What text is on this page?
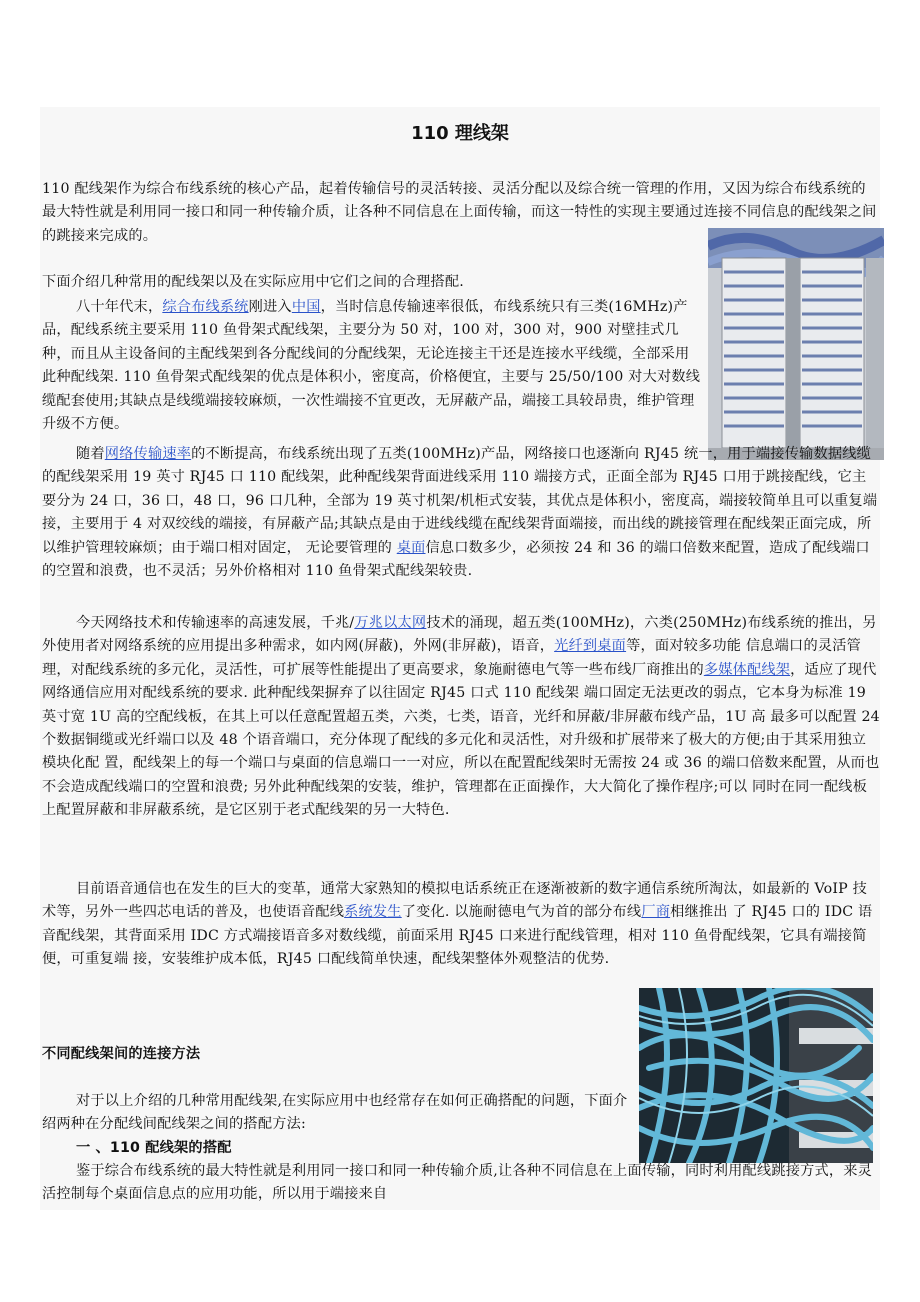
110 理线架

110 配线架作为综合布线系统的核心产品，起着传输信号的灵活转接、灵活分配以及综合统一管理的作用，又因为综合布线系统的最大特性就是利用同一接口和同一种传输介质，让各种不同信息在上面传输，而这一特性的实现主要通过连接不同信息的配线架之间的跳接来完成的。

下面介绍几种常用的配线架以及在实际应用中它们之间的合理搭配.

八十年代末，综合布线系统刚进入中国，当时信息传输速率很低，布线系统只有三类(16MHz)产品，配线系统主要采用 110 鱼骨架式配线架，主要分为 50 对，100 对，300 对，900 对壁挂式几种，而且从主设备间的主配线架到各分配线间的分配线架，无论连接主干还是连接水平线缆，全部采用此种配线架. 110 鱼骨架式配线架的优点是体积小，密度高，价格便宜，主要与 25/50/100 对大对数线缆配套使用;其缺点是线缆端接较麻烦，一次性端接不宜更改，无屏蔽产品，端接工具较昂贵，维护管理升级不方便。

随着网络传输速率的不断提高，布线系统出现了五类(100MHz)产品，网络接口也逐渐向 RJ45 统一，用于端接传输数据线缆的配线架采用 19 英寸 RJ45 口 110 配线架，此种配线架背面进线采用 110 端接方式，正面全部为 RJ45 口用于跳接配线，它主要分为 24 口，36 口，48 口，96 口几种，全部为 19 英寸机架/机柜式安装，其优点是体积小，密度高，端接较简单且可以重复端接，主要用于 4 对双绞线的端接，有屏蔽产品;其缺点是由于进线线缆在配线架背面端接，而出线的跳接管理在配线架正面完成，所以维护管理较麻烦；由于端口相对固定， 无论要管理的 桌面信息口数多少，必须按 24 和 36 的端口倍数来配置，造成了配线端口的空置和浪费，也不灵活；另外价格相对 110 鱼骨架式配线架较贵.

今天网络技术和传输速率的高速发展，千兆/万兆以太网技术的涌现，超五类(100MHz)，六类(250MHz)布线系统的推出，另外使用者对网络系统的应用提出多种需求，如内网(屏蔽)，外网(非屏蔽)，语音，光纤到桌面等，面对较多功能 信息端口的灵活管理，对配线系统的多元化，灵活性，可扩展等性能提出了更高要求，象施耐德电气等一些布线厂商推出的多媒体配线架，适应了现代网络通信应用对配线系统的要求. 此种配线架摒弃了以往固定 RJ45 口式 110 配线架 端口固定无法更改的弱点，它本身为标准 19 英寸宽 1U 高的空配线板，在其上可以任意配置超五类，六类，七类，语音，光纤和屏蔽/非屏蔽布线产品，1U 高 最多可以配置 24 个数据铜缆或光纤端口以及 48 个语音端口，充分体现了配线的多元化和灵活性，对升级和扩展带来了极大的方便;由于其采用独立模块化配 置，配线架上的每一个端口与桌面的信息端口一一对应，所以在配置配线架时无需按 24 或 36 的端口倍数来配置，从而也不会造成配线端口的空置和浪费; 另外此种配线架的安装，维护，管理都在正面操作，大大简化了操作程序;可以 同时在同一配线板上配置屏蔽和非屏蔽系统，是它区别于老式配线架的另一大特色.

目前语音通信也在发生的巨大的变革，通常大家熟知的模拟电话系统正在逐渐被新的数字通信系统所淘汰，如最新的 VoIP 技术等，另外一些四芯电话的普及，也使语音配线系统发生了变化. 以施耐德电气为首的部分布线厂商相继推出 了 RJ45 口的 IDC 语音配线架，其背面采用 IDC 方式端接语音多对数线缆，前面采用 RJ45 口来进行配线管理，相对 110 鱼骨配线架，它具有端接简便，可重复端 接，安装维护成本低，RJ45 口配线简单快速，配线架整体外观整洁的优势.

不同配线架间的连接方法

对于以上介绍的几种常用配线架,在实际应用中也经常存在如何正确搭配的问题，下面介绍两种在分配线间配线架之间的搭配方法:

一 、110 配线架的搭配

鉴于综合布线系统的最大特性就是利用同一接口和同一种传输介质,让各种不同信息在上面传输，同时利用配线跳接方式，来灵活控制每个桌面信息点的应用功能，所以用于端接来自
